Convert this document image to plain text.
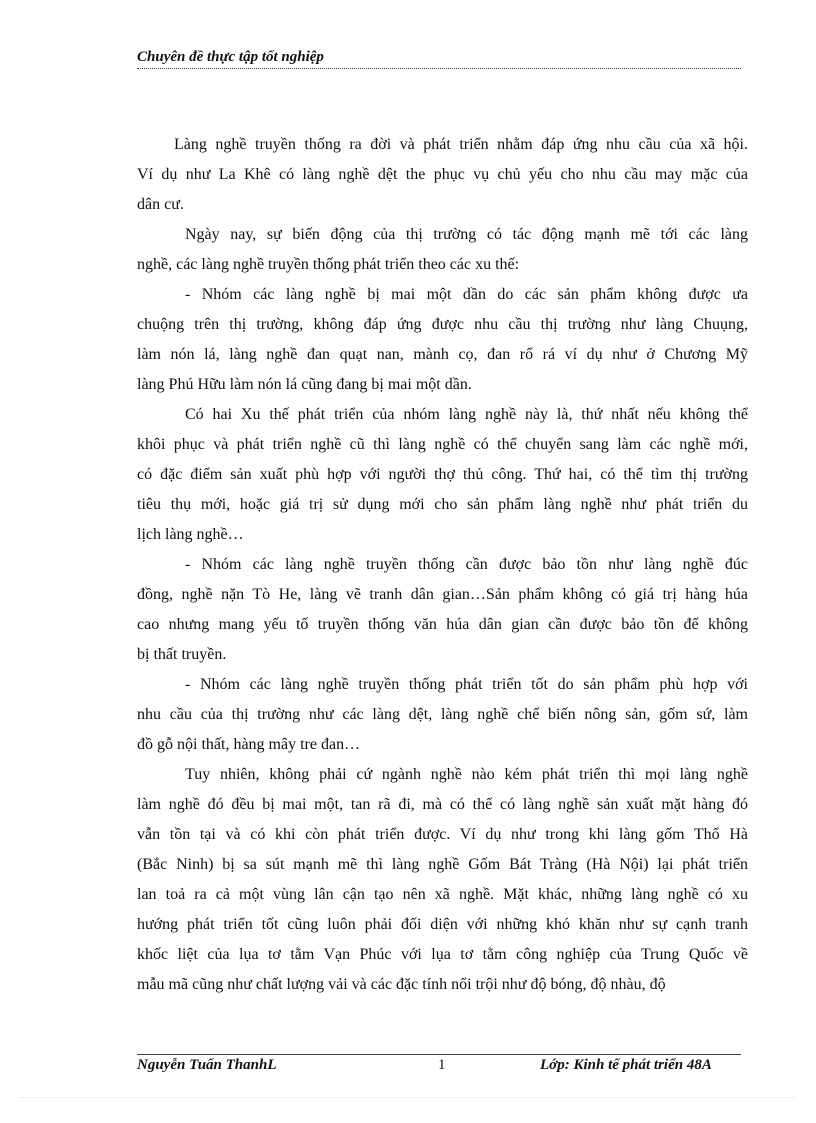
Chuyên đề thực tập tốt nghiệp
Làng nghề truyền thống ra đời và phát triển nhằm đáp ứng nhu cầu của xã hội.
Ví dụ như La Khê có làng nghề dệt the phục vụ chủ yếu cho nhu cầu may mặc của
dân cư.
Ngày nay, sự biến động của thị trường có tác động mạnh mẽ tới các làng
nghề, các làng nghề truyền thống phát triển theo các xu thế:
- Nhóm các làng nghề bị mai một dần do các sản phẩm không được ưa
chuộng trên thị trường, không đáp ứng được nhu cầu thị trường như làng Chuụng,
làm nón lá, làng nghề đan quạt nan, mành cọ, đan rổ rá ví dụ như ở Chương Mỹ
làng Phú Hữu làm nón lá cũng đang bị mai một dần.
Có hai Xu thế phát triển của nhóm làng nghề này là, thứ nhất nếu không thể
khôi phục và phát triển nghề cũ thì làng nghề có thể chuyển sang làm các nghề mới,
có đặc điểm sản xuất phù hợp với người thợ thủ công. Thứ hai, có thể tìm thị trường
tiêu thụ mới, hoặc giá trị sử dụng mới cho sản phẩm làng nghề như phát triển du
lịch làng nghề…
- Nhóm các làng nghề truyền thống cần được bảo tồn như làng nghề đúc
đồng, nghề nặn Tò He, làng vẽ tranh dân gian…Sản phẩm không có giá trị hàng húa
cao nhưng mang yếu tố truyền thống văn húa dân gian cần được bảo tồn để không
bị thất truyền.
- Nhóm các làng nghề truyền thống phát triển tốt do sản phẩm phù hợp với
nhu cầu của thị trường như các làng dệt, làng nghề chế biến nông sản, gốm sứ, làm
đồ gỗ nội thất, hàng mây tre đan…
Tuy nhiên, không phải cứ ngành nghề nào kém phát triển thì mọi làng nghề
làm nghề đó đều bị mai một, tan rã đi, mà có thể có làng nghề sản xuất mặt hàng đó
vẫn tồn tại và có khi còn phát triển được. Ví dụ như trong khi làng gốm Thổ Hà
(Bắc Ninh) bị sa sút mạnh mẽ thì làng nghề Gốm Bát Tràng (Hà Nội) lại phát triển
lan toả ra cả một vùng lân cận tạo nên xã nghề. Mặt khác, những làng nghề có xu
hướng phát triển tốt cũng luôn phải đối diện với những khó khăn như sự cạnh tranh
khốc liệt của lụa tơ tằm Vạn Phúc với lụa tơ tằm công nghiệp của Trung Quốc về
mẫu mã cũng như chất lượng vải và các đặc tính nổi trội như độ bóng, độ nhàu, độ
Nguyễn Tuấn ThanhL	1	Lớp: Kinh tế phát triển 48A
